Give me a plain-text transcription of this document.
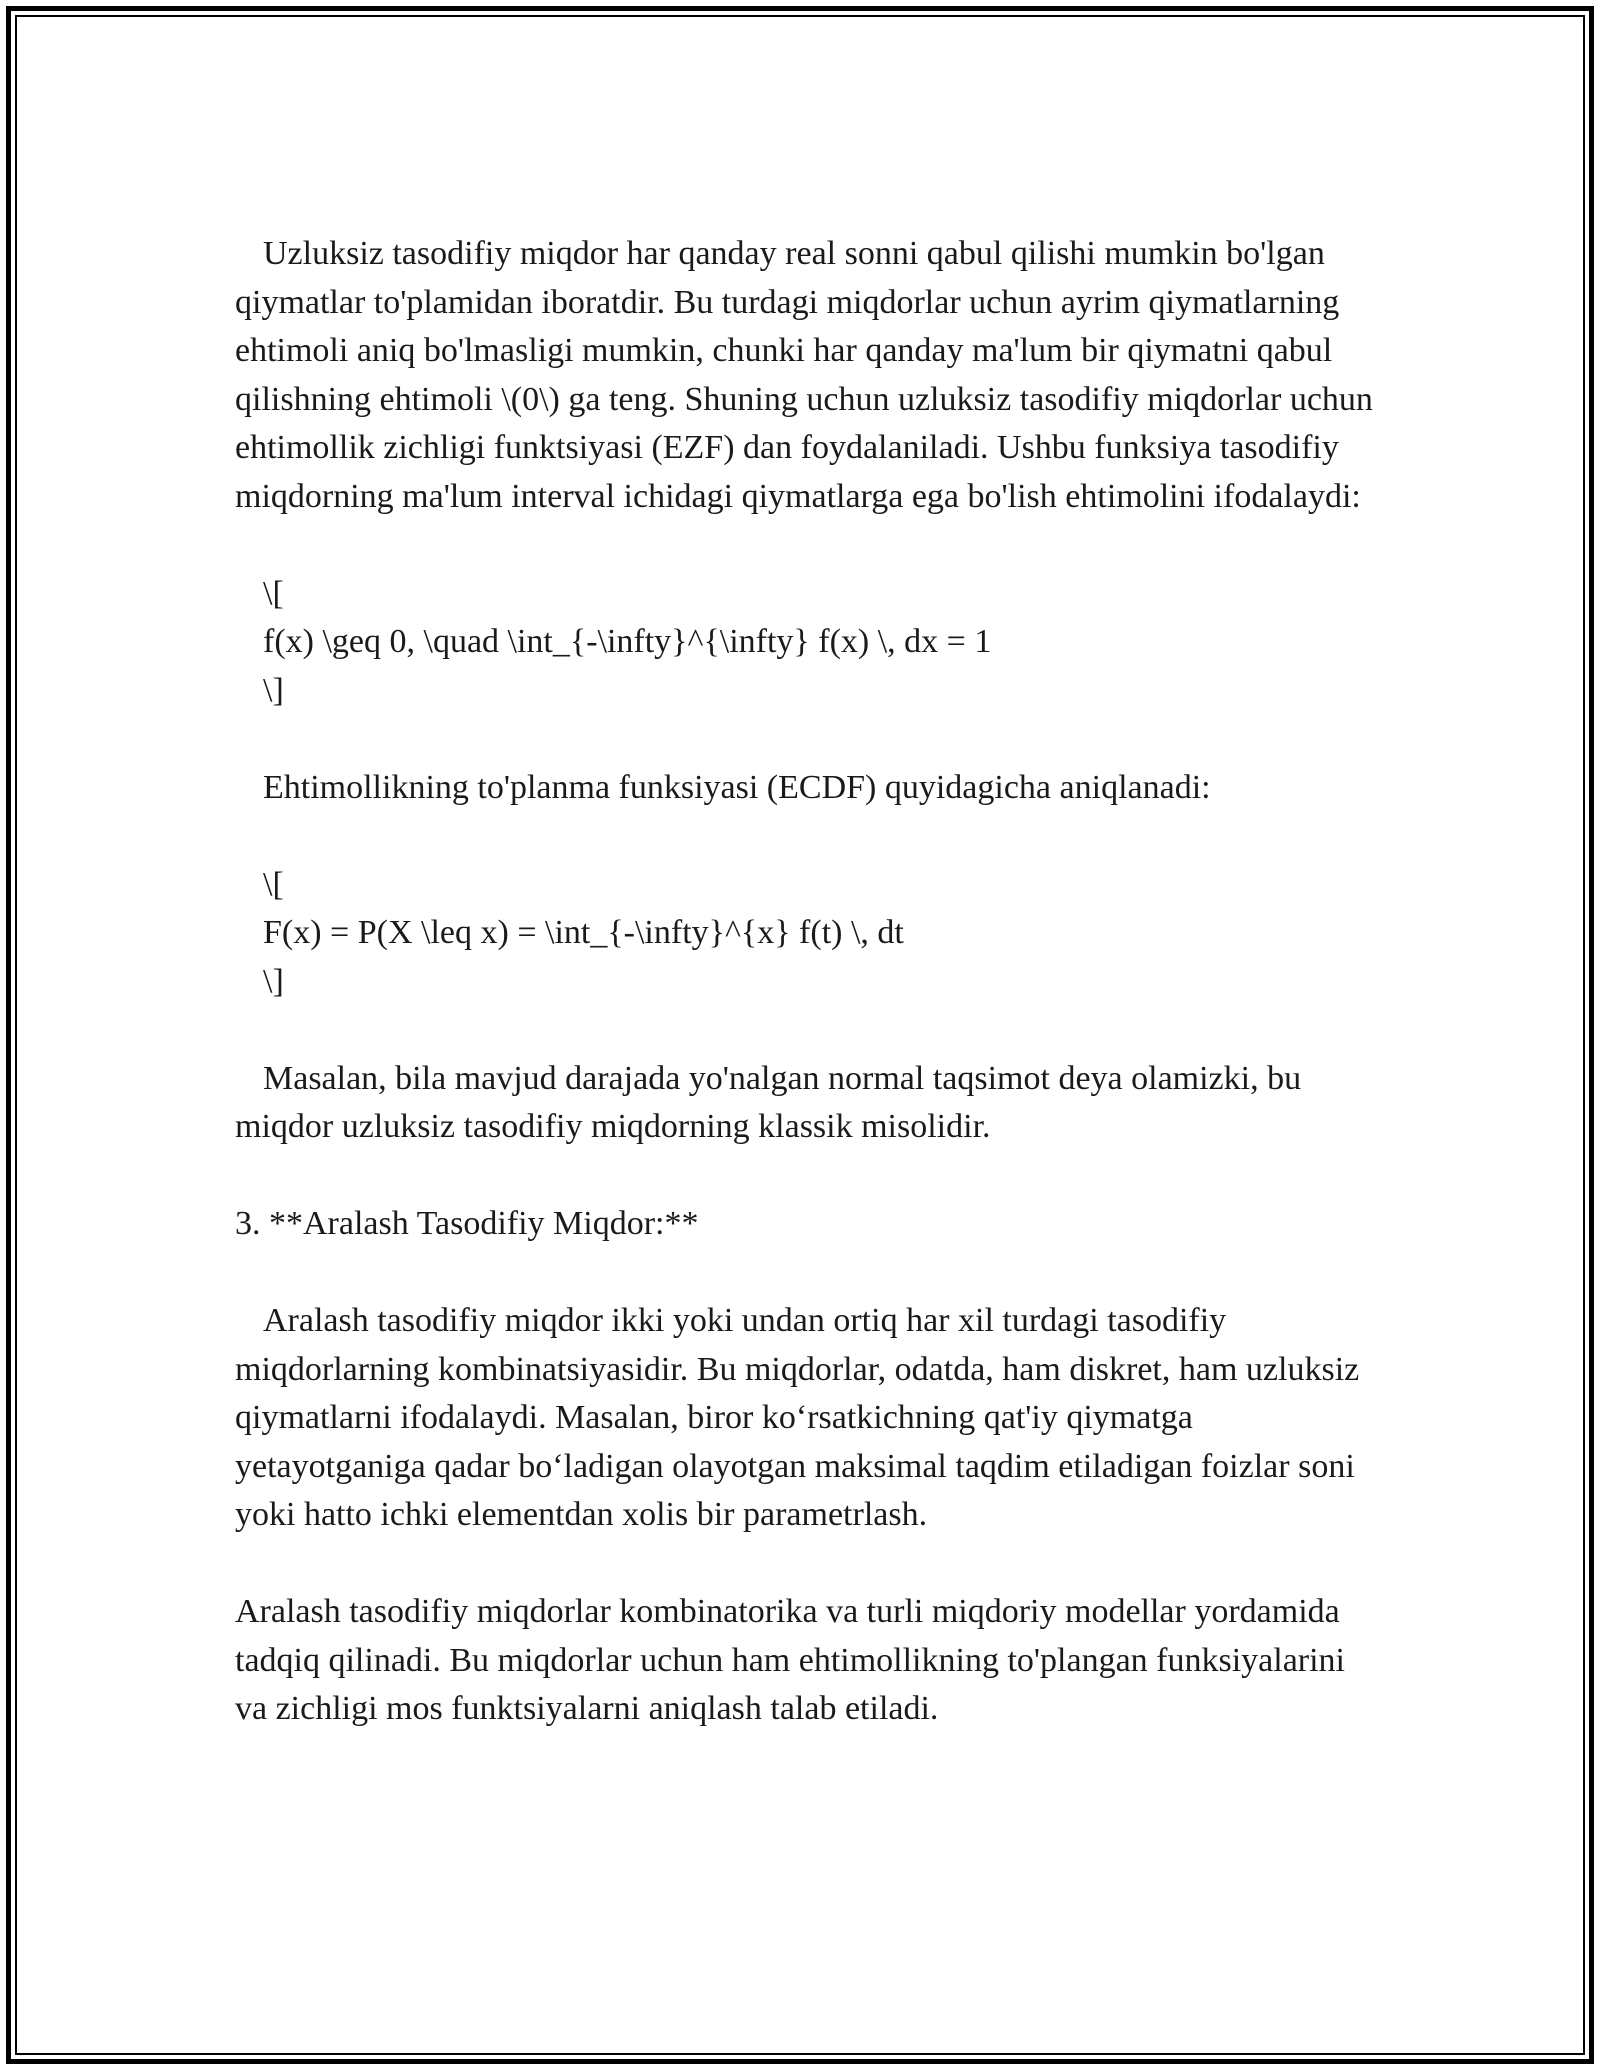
Uzluksiz tasodifiy miqdor har qanday real sonni qabul qilishi mumkin bo'lgan qiymatlar to'plamidan iboratdir. Bu turdagi miqdorlar uchun ayrim qiymatlarning ehtimoli aniq bo'lmasligi mumkin, chunki har qanday ma'lum bir qiymatni qabul qilishning ehtimoli \(0\) ga teng. Shuning uchun uzluksiz tasodifiy miqdorlar uchun ehtimollik zichligi funktsiyasi (EZF) dan foydalaniladi. Ushbu funksiya tasodifiy miqdorning ma'lum interval ichidagi qiymatlarga ega bo'lish ehtimolini ifodalaydi:

\[

f(x) \geq 0, \quad \int_{-\infty}^{\infty} f(x) \, dx = 1

\]

Ehtimollikning to'planma funksiyasi (ECDF) quyidagicha aniqlanadi:

\[

F(x) = P(X \leq x) = \int_{-\infty}^{x} f(t) \, dt

\]

Masalan, bila mavjud darajada yo'nalgan normal taqsimot deya olamizki, bu miqdor uzluksiz tasodifiy miqdorning klassik misolidir.

3. **Aralash Tasodifiy Miqdor:**

Aralash tasodifiy miqdor ikki yoki undan ortiq har xil turdagi tasodifiy miqdorlarning kombinatsiyasidir. Bu miqdorlar, odatda, ham diskret, ham uzluksiz qiymatlarni ifodalaydi. Masalan, biror ko‘rsatkichning qat'iy qiymatga yetayotganiga qadar bo‘ladigan olayotgan maksimal taqdim etiladigan foizlar soni yoki hatto ichki elementdan xolis bir parametrlash.

Aralash tasodifiy miqdorlar kombinatorika va turli miqdoriy modellar yordamida tadqiq qilinadi. Bu miqdorlar uchun ham ehtimollikning to'plangan funksiyalarini va zichligi mos funktsiyalarni aniqlash talab etiladi.
